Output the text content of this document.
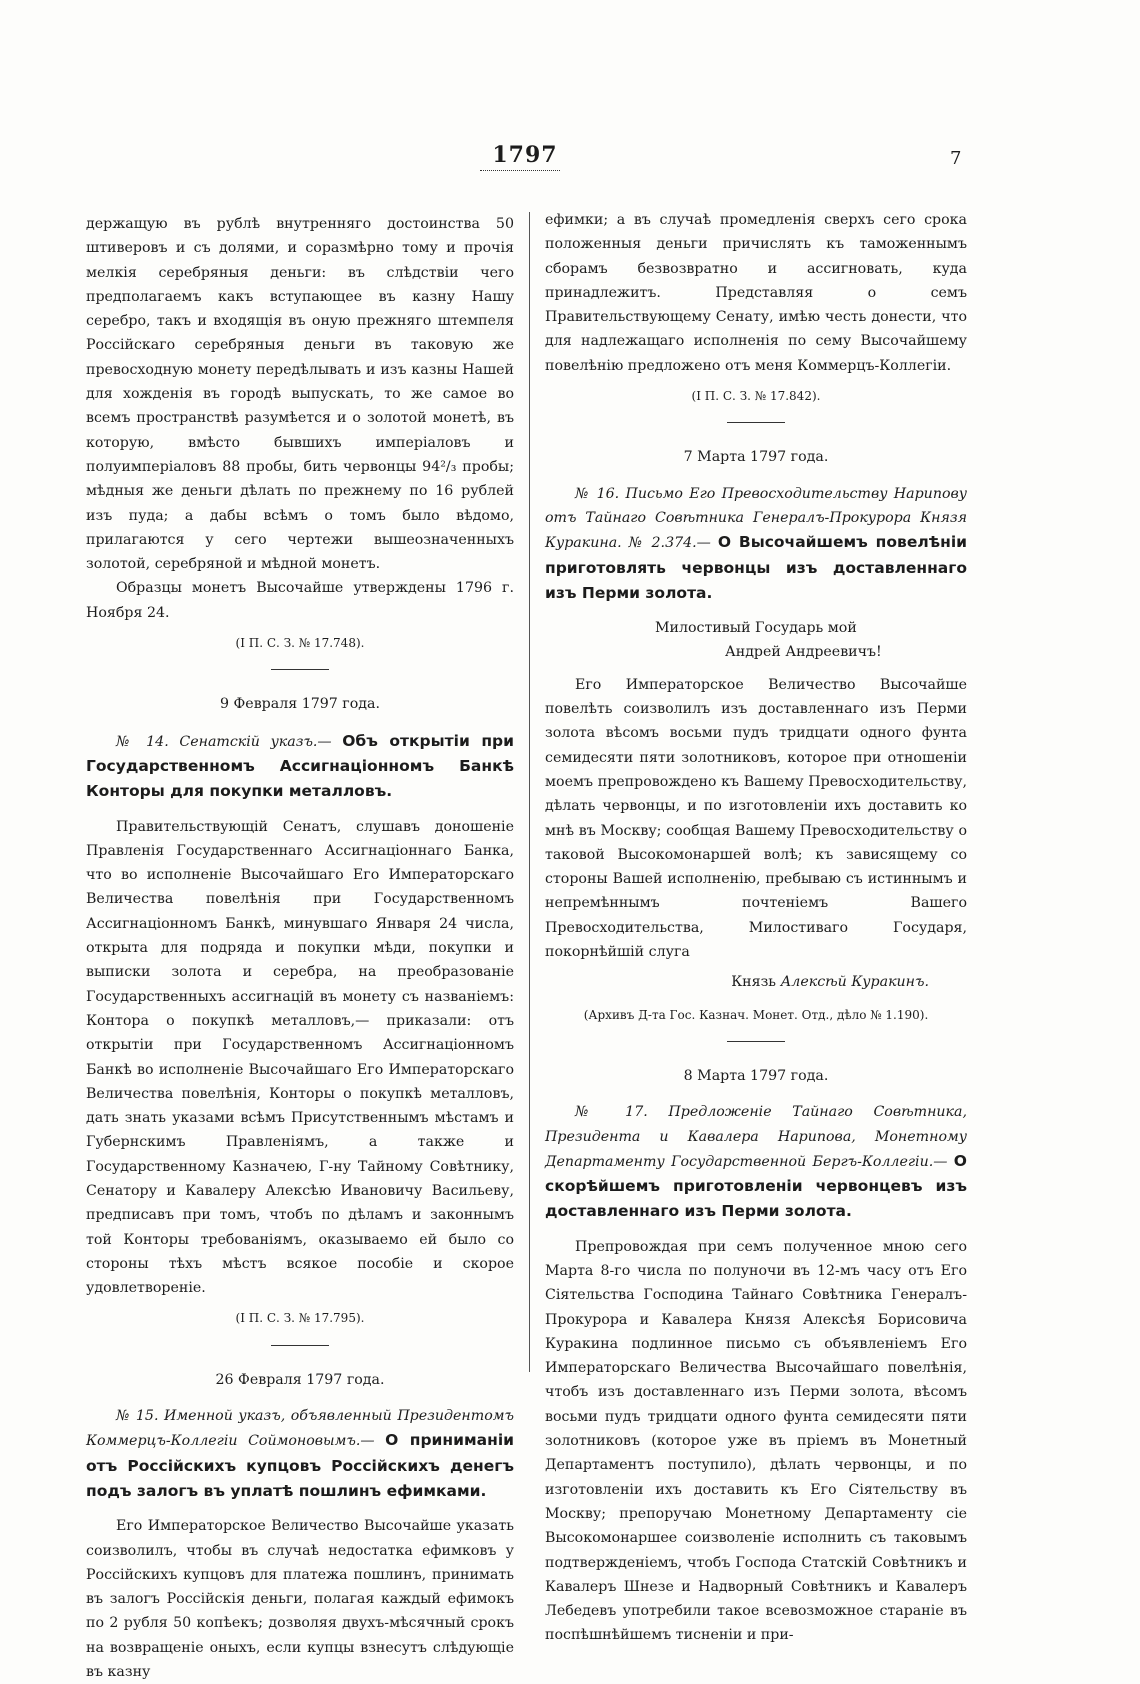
1797	7

держащую въ рублѣ внутренняго достоинства 50 штиверовъ и съ долями, и соразмѣрно тому и прочія мелкія серебряныя деньги: въ слѣдствіи чего предполагаемъ какъ вступающее въ казну Нашу серебро, такъ и входящія въ оную прежняго штемпеля Россійскаго серебряныя деньги въ таковую же превосходную монету передѣлывать и изъ казны Нашей для хожденія въ городѣ выпускать, то же самое во всемъ пространствѣ разумѣется и о золотой монетѣ, въ которую, вмѣсто бывшихъ имперіаловъ и полуимперіаловъ 88 пробы, бить червонцы 94²/₃ пробы; мѣдныя же деньги дѣлать по прежнему по 16 рублей изъ пуда; а дабы всѣмъ о томъ было вѣдомо, прилагаются у сего чертежи вышеозначенныхъ золотой, серебряной и мѣдной монетъ.

Образцы монетъ Высочайше утверждены 1796 г. Ноября 24.

(I П. С. З. № 17.748).

9 Февраля 1797 года.

№ 14. Сенатскій указъ.— Объ открытіи при Государственномъ Ассигнаціонномъ Банкѣ Конторы для покупки металловъ.

Правительствующій Сенатъ, слушавъ доношеніе Правленія Государственнаго Ассигнаціоннаго Банка, что во исполненіе Высочайшаго Его Императорскаго Величества повелѣнія при Государственномъ Ассигнаціонномъ Банкѣ, минувшаго Января 24 числа, открыта для подряда и покупки мѣди, покупки и выписки золота и серебра, на преобразованіе Государственныхъ ассигнацій въ монету съ названіемъ: Контора о покупкѣ металловъ,— приказали: отъ открытіи при Государственномъ Ассигнаціонномъ Банкѣ во исполненіе Высочайшаго Его Императорскаго Величества повелѣнія, Конторы о покупкѣ металловъ, дать знать указами всѣмъ Присутственнымъ мѣстамъ и Губернскимъ Правленіямъ, а также и Государственному Казначею, Г-ну Тайному Совѣтнику, Сенатору и Кавалеру Алексѣю Ивановичу Васильеву, предписавъ при томъ, чтобъ по дѣламъ и законнымъ той Конторы требованіямъ, оказываемо ей было со стороны тѣхъ мѣстъ всякое пособіе и скорое удовлетвореніе.

(I П. С. З. № 17.795).

26 Февраля 1797 года.

№ 15. Именной указъ, объявленный Президентомъ Коммерцъ-Коллегіи Соймоновымъ.— О приниманіи отъ Россійскихъ купцовъ Россійскихъ денегъ подъ залогъ въ уплатѣ пошлинъ ефимками.

Его Императорское Величество Высочайше указать соизволилъ, чтобы въ случаѣ недостатка ефимковъ у Россійскихъ купцовъ для платежа пошлинъ, принимать въ залогъ Россійскія деньги, полагая каждый ефимокъ по 2 рубля 50 копѣекъ; дозволяя двухъ-мѣсячный срокъ на возвращеніе оныхъ, если купцы взнесутъ слѣдующіе въ казну

ефимки; а въ случаѣ промедленія сверхъ сего срока положенныя деньги причислять къ таможеннымъ сборамъ безвозвратно и ассигновать, куда принадлежитъ. Представляя о семъ Правительствующему Сенату, имѣю честь донести, что для надлежащаго исполненія по сему Высочайшему повелѣнію предложено отъ меня Коммерцъ-Коллегіи.

(I П. С. З. № 17.842).

7 Марта 1797 года.

№ 16. Письмо Его Превосходительству Нарипову отъ Тайнаго Совѣтника Генералъ-Прокурора Князя Куракина. № 2.374.— О Высочайшемъ повелѣніи приготовлять червонцы изъ доставленнаго изъ Перми золота.

Милостивый Государь мой

Андрей Андреевичъ!

Его Императорское Величество Высочайше повелѣть соизволилъ изъ доставленнаго изъ Перми золота вѣсомъ восьми пудъ тридцати одного фунта семидесяти пяти золотниковъ, которое при отношеніи моемъ препровождено къ Вашему Превосходительству, дѣлать червонцы, и по изготовленіи ихъ доставить ко мнѣ въ Москву; сообщая Вашему Превосходительству о таковой Высокомонаршей волѣ; къ зависящему со стороны Вашей исполненію, пребываю съ истиннымъ и непремѣннымъ почтеніемъ Вашего Превосходительства, Милостиваго Государя, покорнѣйшій слуга

Князь Алексѣй Куракинъ.

(Архивъ Д-та Гос. Казнач. Монет. Отд., дѣло № 1.190).

8 Марта 1797 года.

№ 17. Предложеніе Тайнаго Совѣтника, Президента и Кавалера Нарипова, Монетному Департаменту Государственной Бергъ-Коллегіи.— О скорѣйшемъ приготовленіи червонцевъ изъ доставленнаго изъ Перми золота.

Препровождая при семъ полученное мною сего Марта 8-го числа по полуночи въ 12-мъ часу отъ Его Сіятельства Господина Тайнаго Совѣтника Генералъ-Прокурора и Кавалера Князя Алексѣя Борисовича Куракина подлинное письмо съ объявленіемъ Его Императорскаго Величества Высочайшаго повелѣнія, чтобъ изъ доставленнаго изъ Перми золота, вѣсомъ восьми пудъ тридцати одного фунта семидесяти пяти золотниковъ (которое уже въ пріемъ въ Монетный Департаментъ поступило), дѣлать червонцы, и по изготовленіи ихъ доставить къ Его Сіятельству въ Москву; препоручаю Монетному Департаменту сіе Высокомонаршее соизволеніе исполнить съ таковымъ подтвержденіемъ, чтобъ Господа Статскій Совѣтникъ и Кавалеръ Шнезе и Надворный Совѣтникъ и Кавалеръ Лебедевъ употребили такое всевозможное стараніе въ поспѣшнѣйшемъ тисненіи и при-
